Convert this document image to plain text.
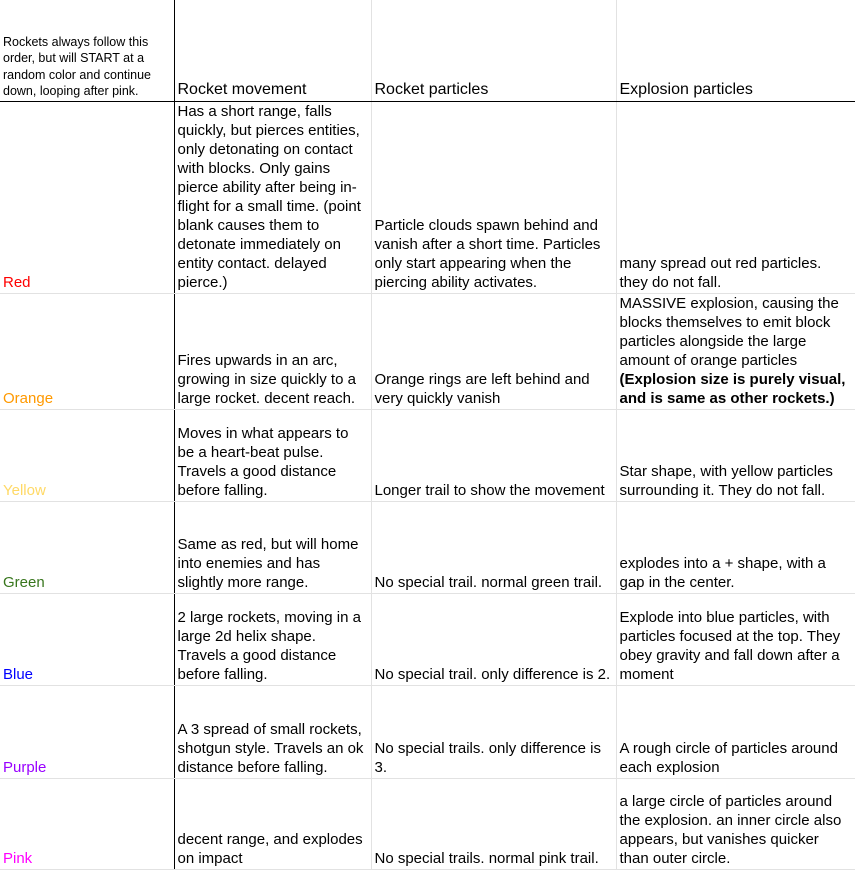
Rockets always follow this order, but will START at a random color and continue down, looping after pink.	Rocket movement	Rocket particles	Explosion particles
Red	Has a short range, falls quickly, but pierces entities, only detonating on contact with blocks. Only gains pierce ability after being in-flight for a small time. (point blank causes them to detonate immediately on entity contact. delayed pierce.)	Particle clouds spawn behind and vanish after a short time. Particles only start appearing when the piercing ability activates.	many spread out red particles. they do not fall.
Orange	Fires upwards in an arc, growing in size quickly to a large rocket. decent reach.	Orange rings are left behind and very quickly vanish	MASSIVE explosion, causing the blocks themselves to emit block particles alongside the large amount of orange particles
(Explosion size is purely visual, and is same as other rockets.)

Yellow	Moves in what appears to be a heart-beat pulse. Travels a good distance before falling.	Longer trail to show the movement	Star shape, with yellow particles surrounding it. They do not fall.
Green	Same as red, but will home into enemies and has slightly more range.	No special trail. normal green trail.	explodes into a + shape, with a gap in the center.
Blue	2 large rockets, moving in a large 2d helix shape. Travels a good distance before falling.	No special trail. only difference is 2.	Explode into blue particles, with particles focused at the top. They obey gravity and fall down after a moment
Purple	A 3 spread of small rockets, shotgun style. Travels an ok distance before falling.	No special trails. only difference is 3.	A rough circle of particles around each explosion
Pink	decent range, and explodes on impact	No special trails. normal pink trail.	a large circle of particles around the explosion. an inner circle also appears, but vanishes quicker than outer circle.
